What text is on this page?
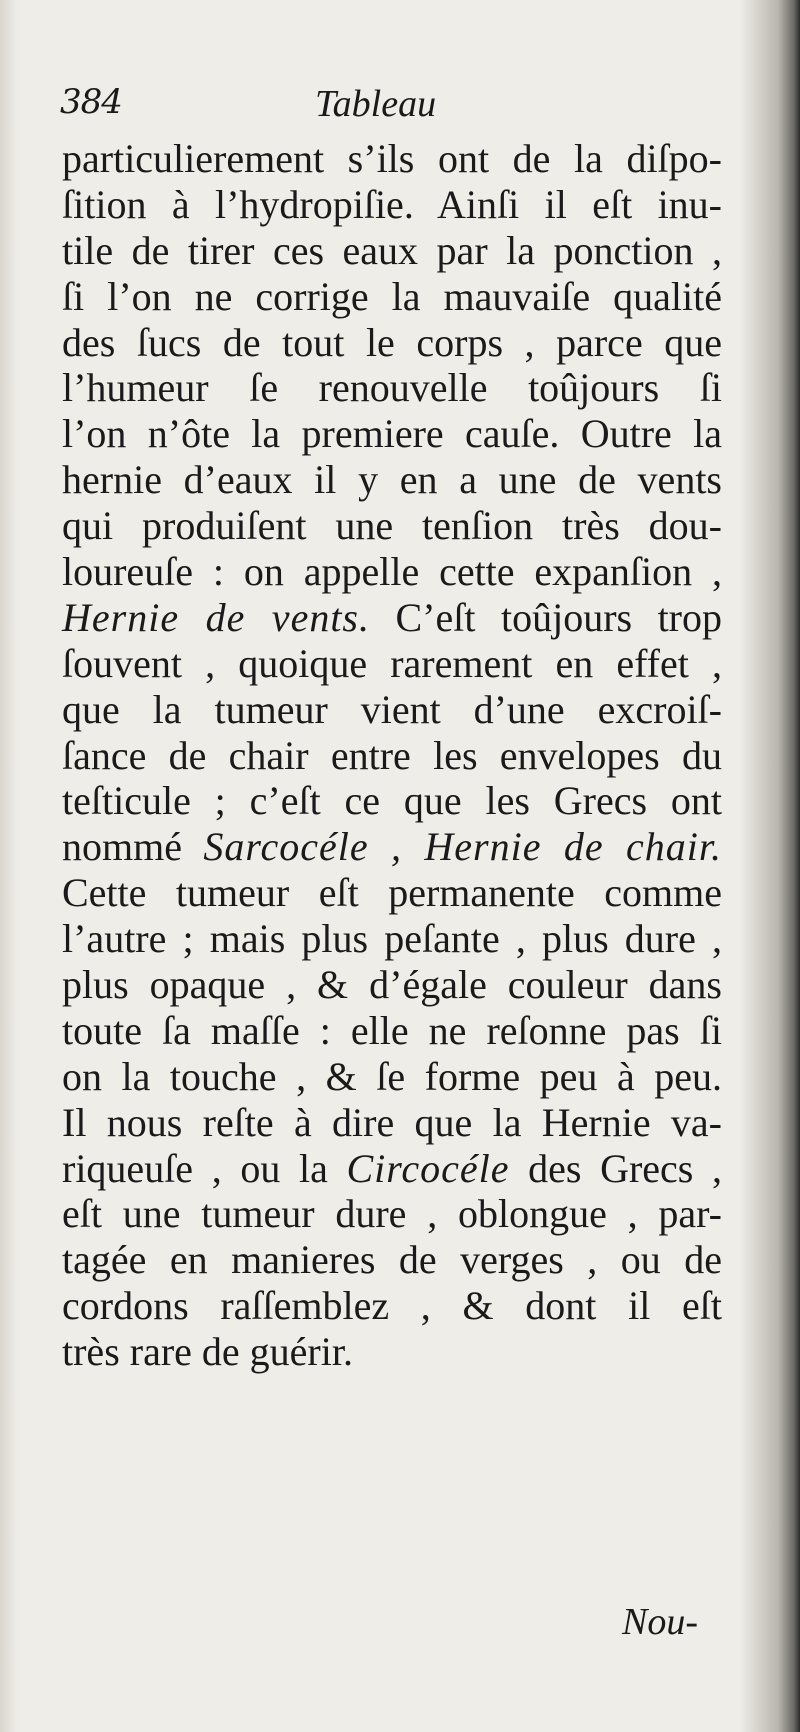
384	Tableau
particulierement s’ils ont de la diſpo-
ſition à l’hydropiſie. Ainſi il eſt inu-
tile de tirer ces eaux par la ponction ,
ſi l’on ne corrige la mauvaiſe qualité
des ſucs de tout le corps , parce que
l’humeur ſe renouvelle toûjours ſi
l’on n’ôte la premiere cauſe. Outre la
hernie d’eaux il y en a une de vents
qui produiſent une tenſion très dou-
loureuſe : on appelle cette expanſion ,
Hernie de vents. C’eſt toûjours trop
ſouvent , quoique rarement en effet ,
que la tumeur vient d’une excroiſ-
ſance de chair entre les envelopes du
teſticule ; c’eſt ce que les Grecs ont
nommé Sarcocéle , Hernie de chair.
Cette tumeur eſt permanente comme
l’autre ; mais plus peſante , plus dure ,
plus opaque , & d’égale couleur dans
toute ſa maſſe : elle ne reſonne pas ſi
on la touche , & ſe forme peu à peu.
Il nous reſte à dire que la Hernie va-
riqueuſe , ou la Circocéle des Grecs ,
eſt une tumeur dure , oblongue , par-
tagée en manieres de verges , ou de
cordons raſſemblez , & dont il eſt
très rare de guérir.
Nou-
